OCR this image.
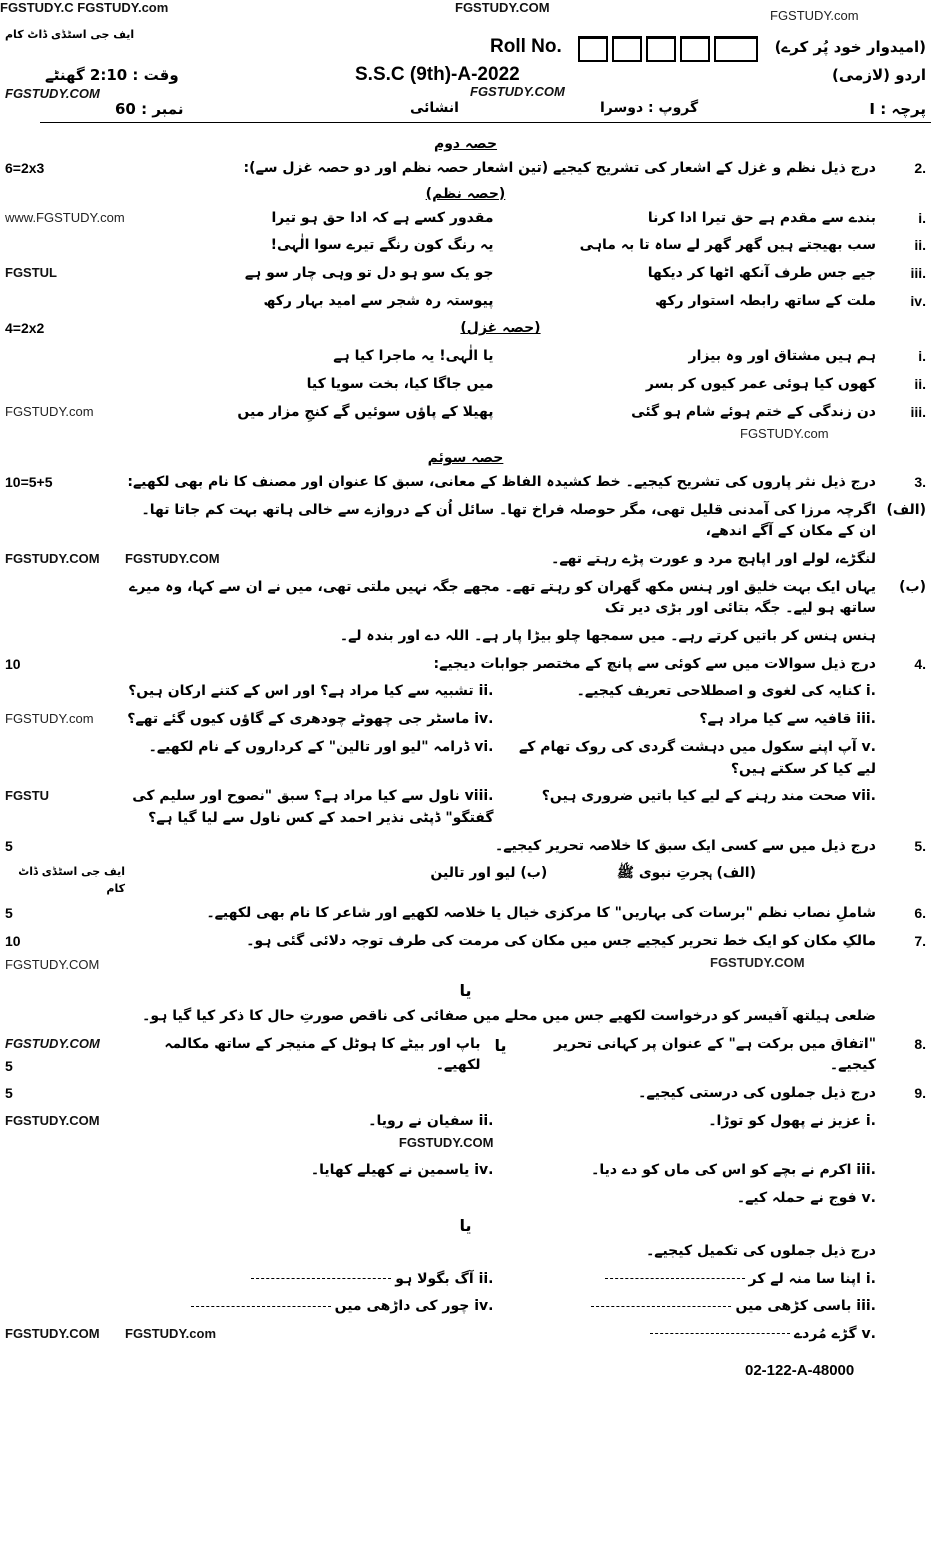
FGSTUDY.C FGSTUDY.com	FGSTUDY.COM
FGSTUDY.com
ایف جی اسٹڈی ڈاٹ کام
(امیدوار خود پُر کرے)
Roll No.
وقت : 2:10 گھنٹے	S.S.C (9th)-A-2022	اردو (لازمی)
FGSTUDY.COM
نمبر : 60	انشائی
FGSTUDY.COM
گروپ : دوسرا	پرچہ : I
حصہ دوم
6=2x3	درج ذیل نظم و غزل کے اشعار کی تشریح کیجیے (تین اشعار حصہ نظم اور دو حصہ غزل سے):	.2
(حصہ نظم)
www.FGSTUDY.com	بندے سے مقدم ہے حق تیرا ادا کرنا
مقدور کسے ہے کہ ادا حق ہو تیرا	.i
سب بھیجتے ہیں گھر گھر لے ساہ تا بہ ماہی
یہ رنگ کون رنگے تیرے سوا الٰہی!	.ii
FGSTUL	جیے جس طرف آنکھ اٹھا کر دیکھا
جو یک سو ہو دل تو وہی چار سو ہے	.iii
ملت کے ساتھ رابطہ استوار رکھ
پیوستہ رہ شجر سے امید بہار رکھ	.iv
4=2x2	(حصہ غزل)
ہم ہیں مشتاق اور وہ بیزار
یا الٰہی! یہ ماجرا کیا ہے	.i
کھوں کیا ہوئی عمر کیوں کر بسر
میں جاگا کیا، بخت سویا کیا	.ii
FGSTUDY.com	دن زندگی کے ختم ہوئے شام ہو گئی
پھیلا کے پاؤں سوئیں گے کنجِ مزار میں	.iii
FGSTUDY.com
حصہ سوئم
10=5+5	درج ذیل نثر پاروں کی تشریح کیجیے۔ خط کشیدہ الفاظ کے معانی، سبق کا عنوان اور مصنف کا نام بھی لکھیے:	.3
اگرچہ مرزا کی آمدنی قلیل تھی، مگر حوصلہ فراخ تھا۔ سائل اُن کے دروازے سے خالی ہاتھ بہت کم جاتا تھا۔ ان کے مکان کے آگے اندھے،
(الف)
FGSTUDY.COM	لنگڑے، لولے اور اپاہج مرد و عورت پڑے رہتے تھے۔
FGSTUDY.COM
یہاں ایک بہت خلیق اور ہنس مکھ گھران کو رہتے تھے۔ مجھے جگہ نہیں ملتی تھی، میں نے ان سے کہا، وہ میرے ساتھ ہو لیے۔ جگہ بتائی اور بڑی دیر تک
(ب)
ہنس ہنس کر باتیں کرتے رہے۔ میں سمجھا چلو بیڑا پار ہے۔ اللہ دے اور بندہ لے۔
10	درج ذیل سوالات میں سے کوئی سے پانچ کے مختصر جوابات دیجیے:	.4
.i کنایہ کی لغوی و اصطلاحی تعریف کیجیے۔
.ii تشبیہ سے کیا مراد ہے؟ اور اس کے کتنے ارکان ہیں؟
FGSTUDY.com	.iii قافیہ سے کیا مراد ہے؟
.iv ماسٹر جی چھوٹے چودھری کے گاؤں کیوں گئے تھے؟
.v آپ اپنے سکول میں دہشت گردی کی روک تھام کے لیے کیا کر سکتے ہیں؟
.vi ڈرامہ "لیو اور تالین" کے کرداروں کے نام لکھیے۔
FGSTU	.vii صحت مند رہنے کے لیے کیا باتیں ضروری ہیں؟
.viii ناول سے کیا مراد ہے؟ سبق "نصوح اور سلیم کی گفتگو" ڈپٹی نذیر احمد کے کس ناول سے لیا گیا ہے؟
5	درج ذیل میں سے کسی ایک سبق کا خلاصہ تحریر کیجیے۔	.5
ایف جی اسٹڈی ڈاٹ کام
(الف) ہجرتِ نبوی ﷺ  (ب) لیو اور تالین
5	شاملِ نصاب نظم "برسات کی بہاریں" کا مرکزی خیال یا خلاصہ لکھیے اور شاعر کا نام بھی لکھیے۔	.6
10
FGSTUDY.COM
مالکِ مکان کو ایک خط تحریر کیجیے جس میں مکان کی مرمت کی طرف توجہ دلائی گئی ہو۔
FGSTUDY.COM
.7
یا
ضلعی ہیلتھ آفیسر کو درخواست لکھیے جس میں محلے میں صفائی کی ناقص صورتِ حال کا ذکر کیا گیا ہو۔
FGSTUDY.COM
5
"اتفاق میں برکت ہے" کے عنوان پر کہانی تحریر کیجیے۔
یا
باپ اور بیٹے کا ہوٹل کے منیجر کے ساتھ مکالمہ لکھیے۔
.8
5	درج ذیل جملوں کی درستی کیجیے۔	.9
FGSTUDY.COM	.i عزیز نے پھول کو توڑا۔
.ii سفیان نے رویا۔
FGSTUDY.COM
.iii اکرم نے بچے کو اس کی ماں کو دے دیا۔
.iv یاسمین نے کھیلے کھایا۔
.v فوج نے حملہ کیے۔
یا
درج ذیل جملوں کی تکمیل کیجیے۔
.i اپنا سا منہ لے کر
.ii آگ بگولا ہو
.iii باسی کڑھی میں
.iv چور کی داڑھی میں
FGSTUDY.COM	.v گڑے مُردے
FGSTUDY.com
02-122-A-48000
